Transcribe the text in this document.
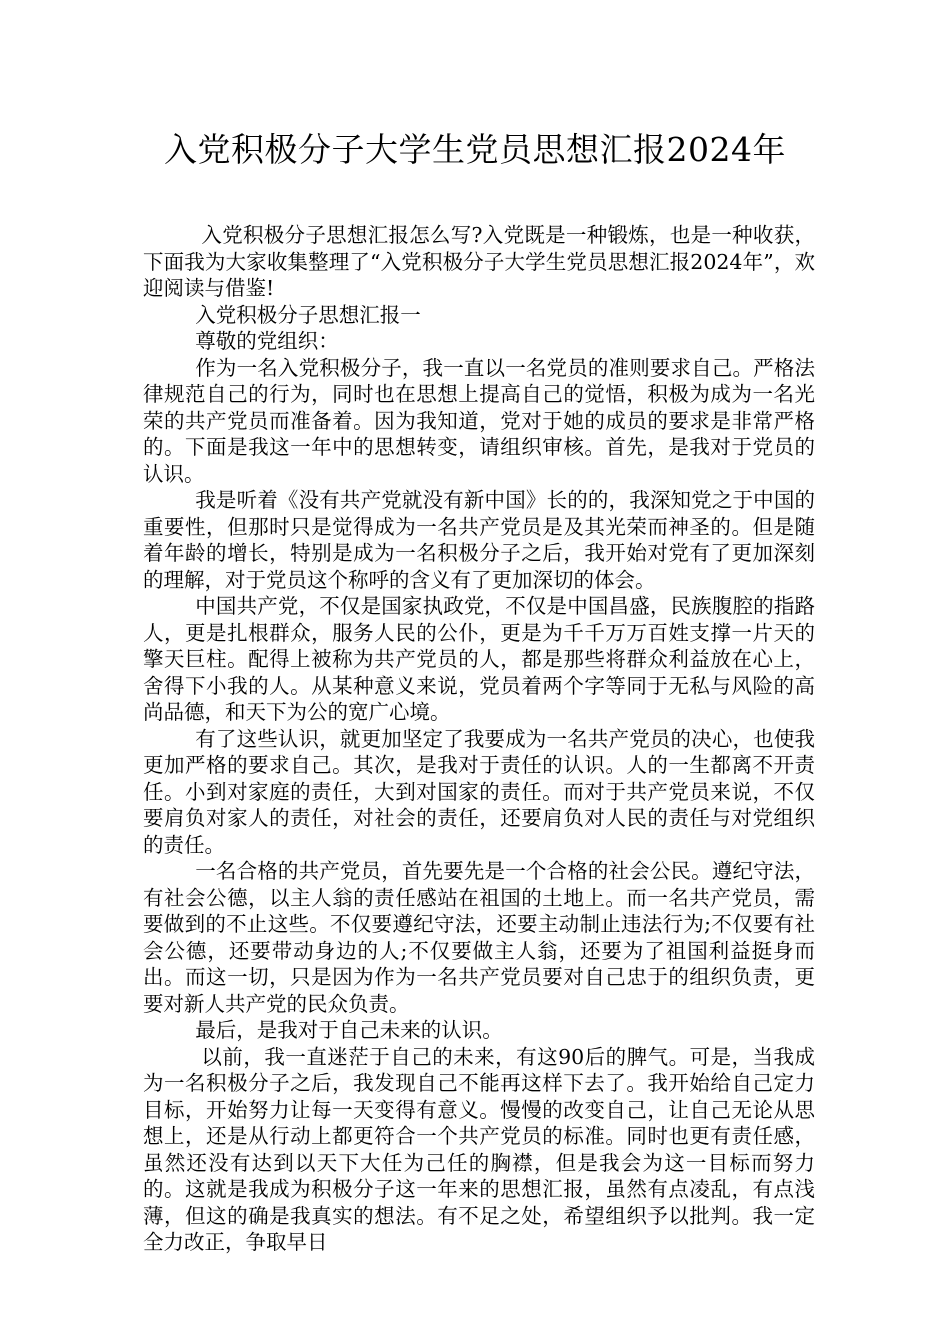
入党积极分子大学生党员思想汇报2024年

入党积极分子思想汇报怎么写?入党既是一种锻炼，也是一种收获，下面我为大家收集整理了“入党积极分子大学生党员思想汇报2024年”，欢迎阅读与借鉴!

入党积极分子思想汇报一

尊敬的党组织：

作为一名入党积极分子，我一直以一名党员的准则要求自己。严格法律规范自己的行为，同时也在思想上提高自己的觉悟，积极为成为一名光荣的共产党员而准备着。因为我知道，党对于她的成员的要求是非常严格的。下面是我这一年中的思想转变，请组织审核。首先，是我对于党员的认识。

我是听着《没有共产党就没有新中国》长的的，我深知党之于中国的重要性，但那时只是觉得成为一名共产党员是及其光荣而神圣的。但是随着年龄的增长，特别是成为一名积极分子之后，我开始对党有了更加深刻的理解，对于党员这个称呼的含义有了更加深切的体会。

中国共产党，不仅是国家执政党，不仅是中国昌盛，民族腹腔的指路人，更是扎根群众，服务人民的公仆，更是为千千万万百姓支撑一片天的擎天巨柱。配得上被称为共产党员的人，都是那些将群众利益放在心上，舍得下小我的人。从某种意义来说，党员着两个字等同于无私与风险的高尚品德，和天下为公的宽广心境。

有了这些认识，就更加坚定了我要成为一名共产党员的决心，也使我更加严格的要求自己。其次，是我对于责任的认识。人的一生都离不开责任。小到对家庭的责任，大到对国家的责任。而对于共产党员来说，不仅要肩负对家人的责任，对社会的责任，还要肩负对人民的责任与对党组织的责任。

一名合格的共产党员，首先要先是一个合格的社会公民。遵纪守法，有社会公德，以主人翁的责任感站在祖国的土地上。而一名共产党员，需要做到的不止这些。不仅要遵纪守法，还要主动制止违法行为;不仅要有社会公德，还要带动身边的人;不仅要做主人翁，还要为了祖国利益挺身而出。而这一切，只是因为作为一名共产党员要对自己忠于的组织负责，更要对新人共产党的民众负责。

最后，是我对于自己未来的认识。

以前，我一直迷茫于自己的未来，有这90后的脾气。可是，当我成为一名积极分子之后，我发现自己不能再这样下去了。我开始给自己定力目标，开始努力让每一天变得有意义。慢慢的改变自己，让自己无论从思想上，还是从行动上都更符合一个共产党员的标准。同时也更有责任感，虽然还没有达到以天下大任为己任的胸襟，但是我会为这一目标而努力的。这就是我成为积极分子这一年来的思想汇报，虽然有点凌乱，有点浅薄，但这的确是我真实的想法。有不足之处，希望组织予以批判。我一定全力改正，争取早日
